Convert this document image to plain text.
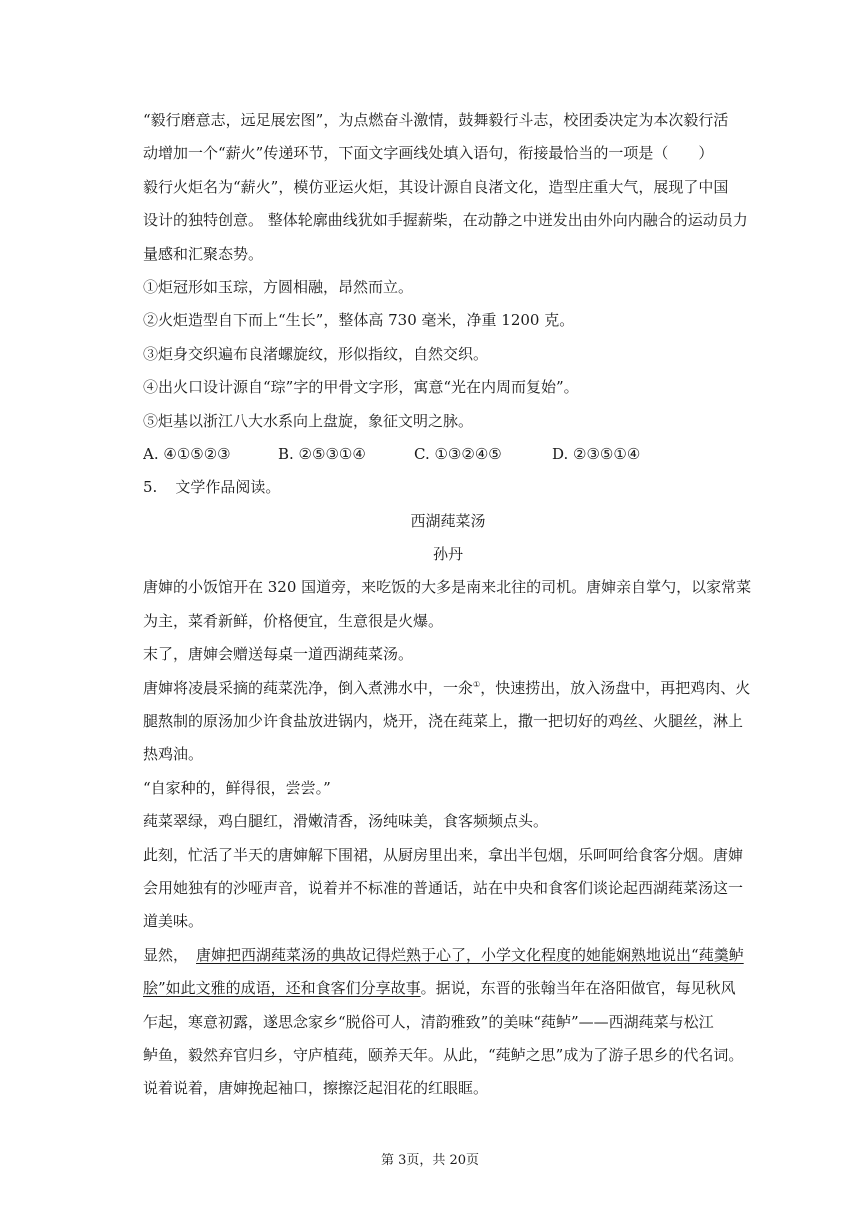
“毅行磨意志，远足展宏图”，为点燃奋斗激情，鼓舞毅行斗志，校团委决定为本次毅行活
动增加一个“薪火”传递环节，下面文字画线处填入语句，衔接最恰当的一项是（　　）
毅行火炬名为“薪火”，模仿亚运火炬，其设计源自良渚文化，造型庄重大气，展现了中国
设计的独特创意。 整体轮廓曲线犹如手握薪柴，在动静之中迸发出由外向内融合的运动员力
量感和汇聚态势。
①炬冠形如玉琮，方圆相融，昂然而立。
②火炬造型自下而上“生长”，整体高 730 毫米，净重 1200 克。
③炬身交织遍布良渚螺旋纹，形似指纹，自然交织。
④出火口设计源自“琮”字的甲骨文字形，寓意“光在内周而复始”。
⑤炬基以浙江八大水系向上盘旋，象征文明之脉。
A. ④①⑤②③	B. ②⑤③①④	C. ①③②④⑤	D. ②③⑤①④
5. 文学作品阅读。
西湖莼菜汤
孙丹
唐婶的小饭馆开在 320 国道旁，来吃饭的大多是南来北往的司机。唐婶亲自掌勺，以家常菜
为主，菜肴新鲜，价格便宜，生意很是火爆。
末了，唐婶会赠送每桌一道西湖莼菜汤。
唐婶将凌晨采摘的莼菜洗净，倒入煮沸水中，一氽①，快速捞出，放入汤盘中，再把鸡肉、火
腿熬制的原汤加少许食盐放进锅内，烧开，浇在莼菜上，撒一把切好的鸡丝、火腿丝，淋上
热鸡油。
“自家种的，鲜得很，尝尝。”
莼菜翠绿，鸡白腿红，滑嫩清香，汤纯味美，食客频频点头。
此刻，忙活了半天的唐婶解下围裙，从厨房里出来，拿出半包烟，乐呵呵给食客分烟。唐婶
会用她独有的沙哑声音，说着并不标准的普通话，站在中央和食客们谈论起西湖莼菜汤这一
道美味。
显然， 唐婶把西湖莼菜汤的典故记得烂熟于心了，小学文化程度的她能娴熟地说出“莼羹鲈
脍”如此文雅的成语，还和食客们分享故事。据说，东晋的张翰当年在洛阳做官，每见秋风
乍起，寒意初露，遂思念家乡“脱俗可人，清韵雅致”的美味“莼鲈”——西湖莼菜与松江
鲈鱼，毅然弃官归乡，守庐植莼，颐养天年。从此，“莼鲈之思”成为了游子思乡的代名词。
说着说着，唐婶挽起袖口，擦擦泛起泪花的红眼眶。
第 3页，共 20页
